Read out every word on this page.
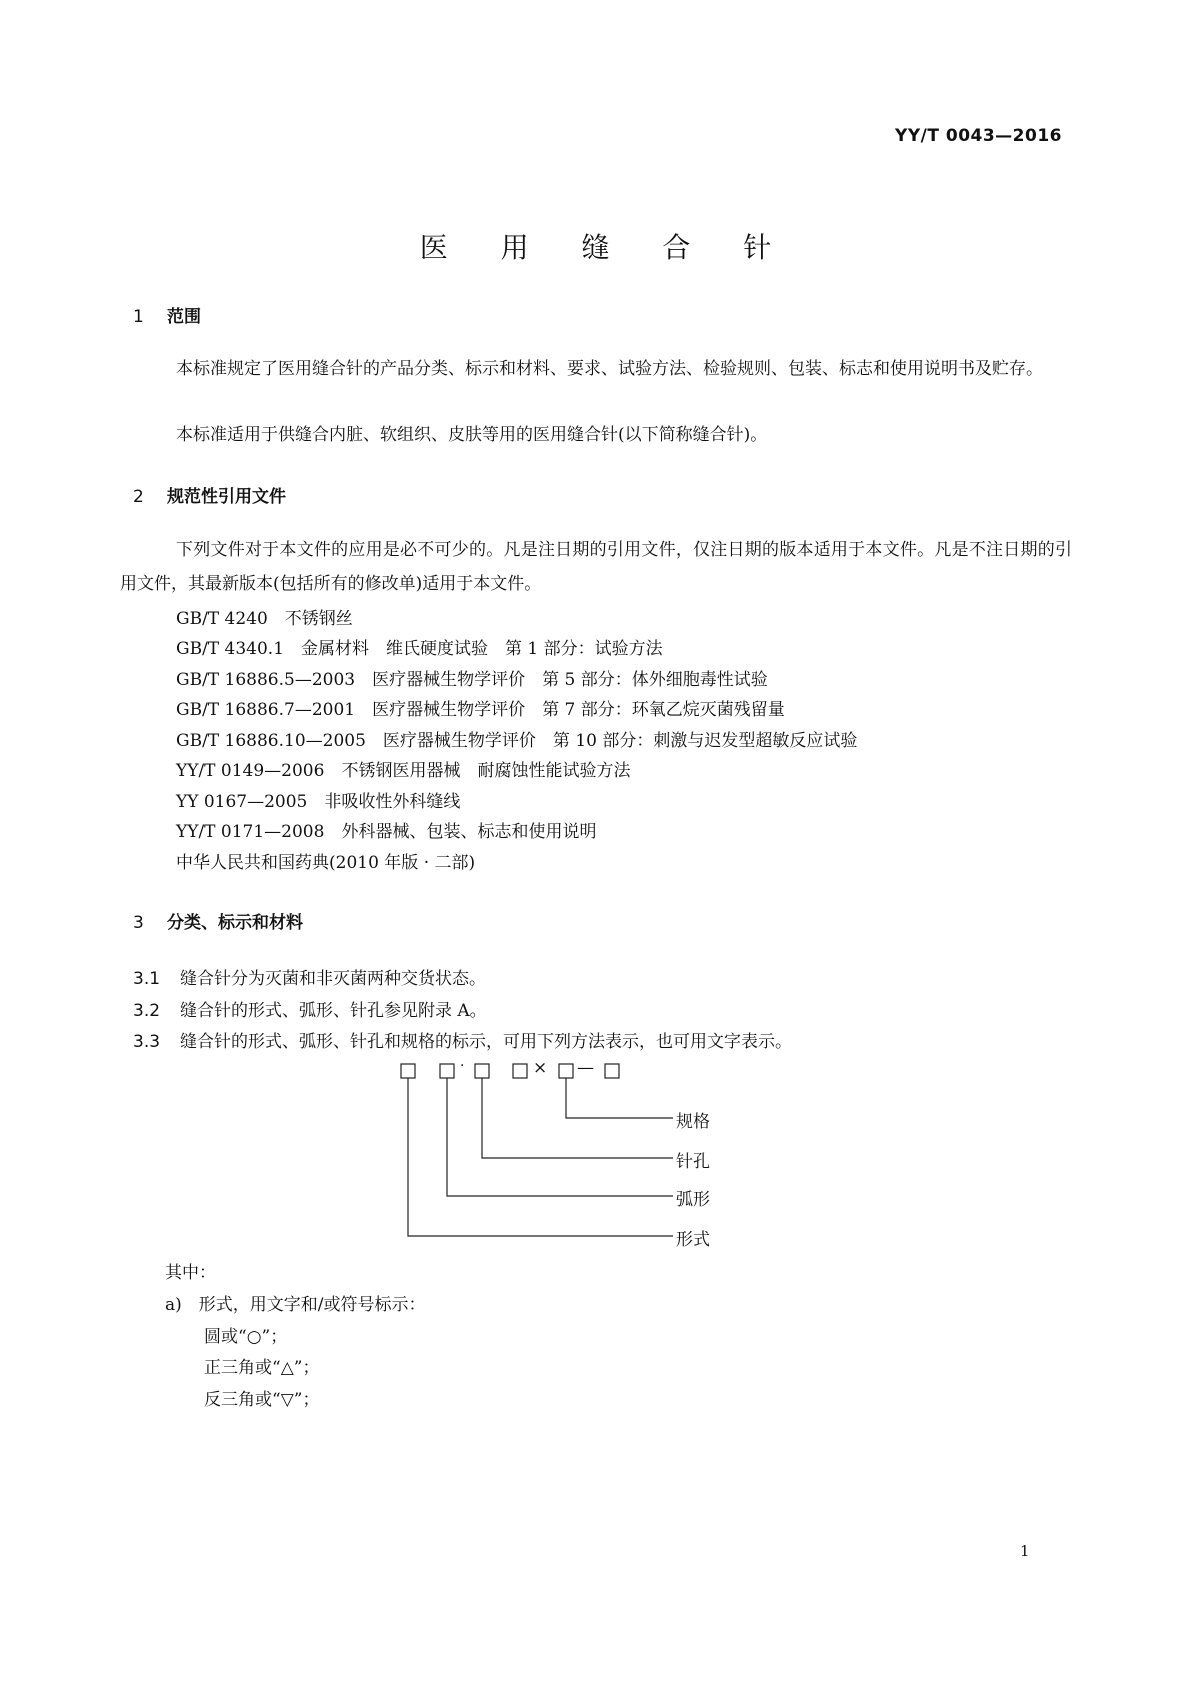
YY/T 0043—2016
医 用 缝 合 针
1 范围
本标准规定了医用缝合针的产品分类、标示和材料、要求、试验方法、检验规则、包装、标志和使用说明书及贮存。
本标准适用于供缝合内脏、软组织、皮肤等用的医用缝合针(以下简称缝合针)。
2 规范性引用文件
下列文件对于本文件的应用是必不可少的。凡是注日期的引用文件，仅注日期的版本适用于本文件。凡是不注日期的引用文件，其最新版本(包括所有的修改单)适用于本文件。
GB/T 4240　不锈钢丝
GB/T 4340.1　金属材料　维氏硬度试验　第 1 部分：试验方法
GB/T 16886.5—2003　医疗器械生物学评价　第 5 部分：体外细胞毒性试验
GB/T 16886.7—2001　医疗器械生物学评价　第 7 部分：环氧乙烷灭菌残留量
GB/T 16886.10—2005　医疗器械生物学评价　第 10 部分：刺激与迟发型超敏反应试验
YY/T 0149—2006　不锈钢医用器械　耐腐蚀性能试验方法
YY 0167—2005　非吸收性外科缝线
YY/T 0171—2008　外科器械、包装、标志和使用说明
中华人民共和国药典(2010 年版 · 二部)
3 分类、标示和材料
3.1 缝合针分为灭菌和非灭菌两种交货状态。
3.2 缝合针的形式、弧形、针孔参见附录 A。
3.3 缝合针的形式、弧形、针孔和规格的标示，可用下列方法表示，也可用文字表示。
·	× —
规格
针孔
弧形
形式
其中：
a)　形式，用文字和/或符号标示：
圆或“○”；
正三角或“△”；
反三角或“▽”；
1
